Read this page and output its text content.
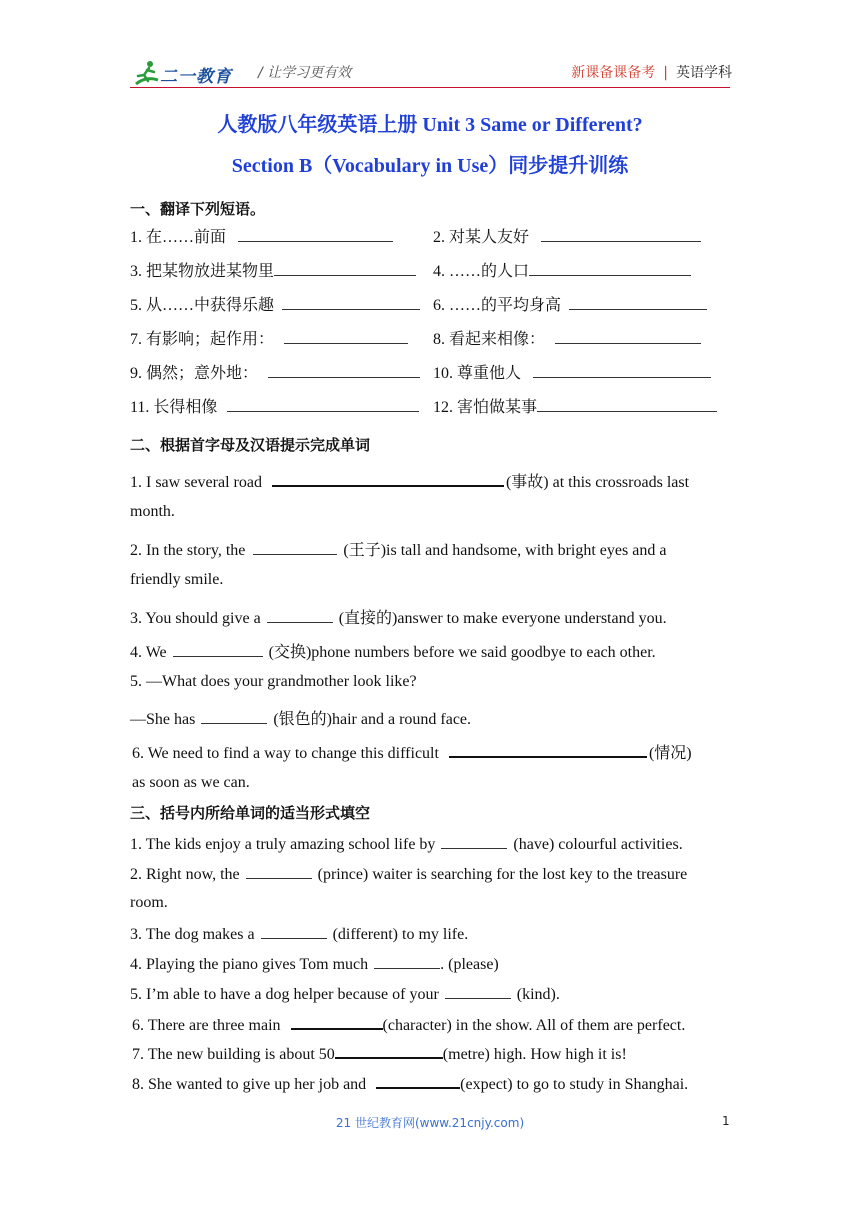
二一教育 / 让学习更有效	新课备课备考 | 英语学科
人教版八年级英语上册 Unit 3 Same or Different?
Section B（Vocabulary in Use）同步提升训练
一、翻译下列短语。
1. 在……前面	2. 对某人友好
3. 把某物放进某物里	4. ……的人口
5. 从……中获得乐趣	6. ……的平均身高
7. 有影响；起作用：	8. 看起来相像：
9. 偶然；意外地：	10. 尊重他人
11. 长得相像	12. 害怕做某事
二、根据首字母及汉语提示完成单词
1. I saw several road	(事故) at this crossroads last
month.
2. In the story, the	(王子)is tall and handsome, with bright eyes and a
friendly smile.
3. You should give a	(直接的)answer to make everyone understand you.
4. We	(交换)phone numbers before we said goodbye to each other.
5. —What does your grandmother look like?
—She has	(银色的)hair and a round face.
6. We need to find a way to change this difficult	(情况)
as soon as we can.
三、括号内所给单词的适当形式填空
1. The kids enjoy a truly amazing school life by	(have) colourful activities.
2. Right now, the	(prince) waiter is searching for the lost key to the treasure
room.
3. The dog makes a	(different) to my life.
4. Playing the piano gives Tom much	. (please)
5. I’m able to have a dog helper because of your	(kind).
6. There are three main	(character) in the show. All of them are perfect.
7. The new building is about 50	(metre) high. How high it is!
8. She wanted to give up her job and	(expect) to go to study in Shanghai.
21 世纪教育网(www.21cnjy.com)	1
